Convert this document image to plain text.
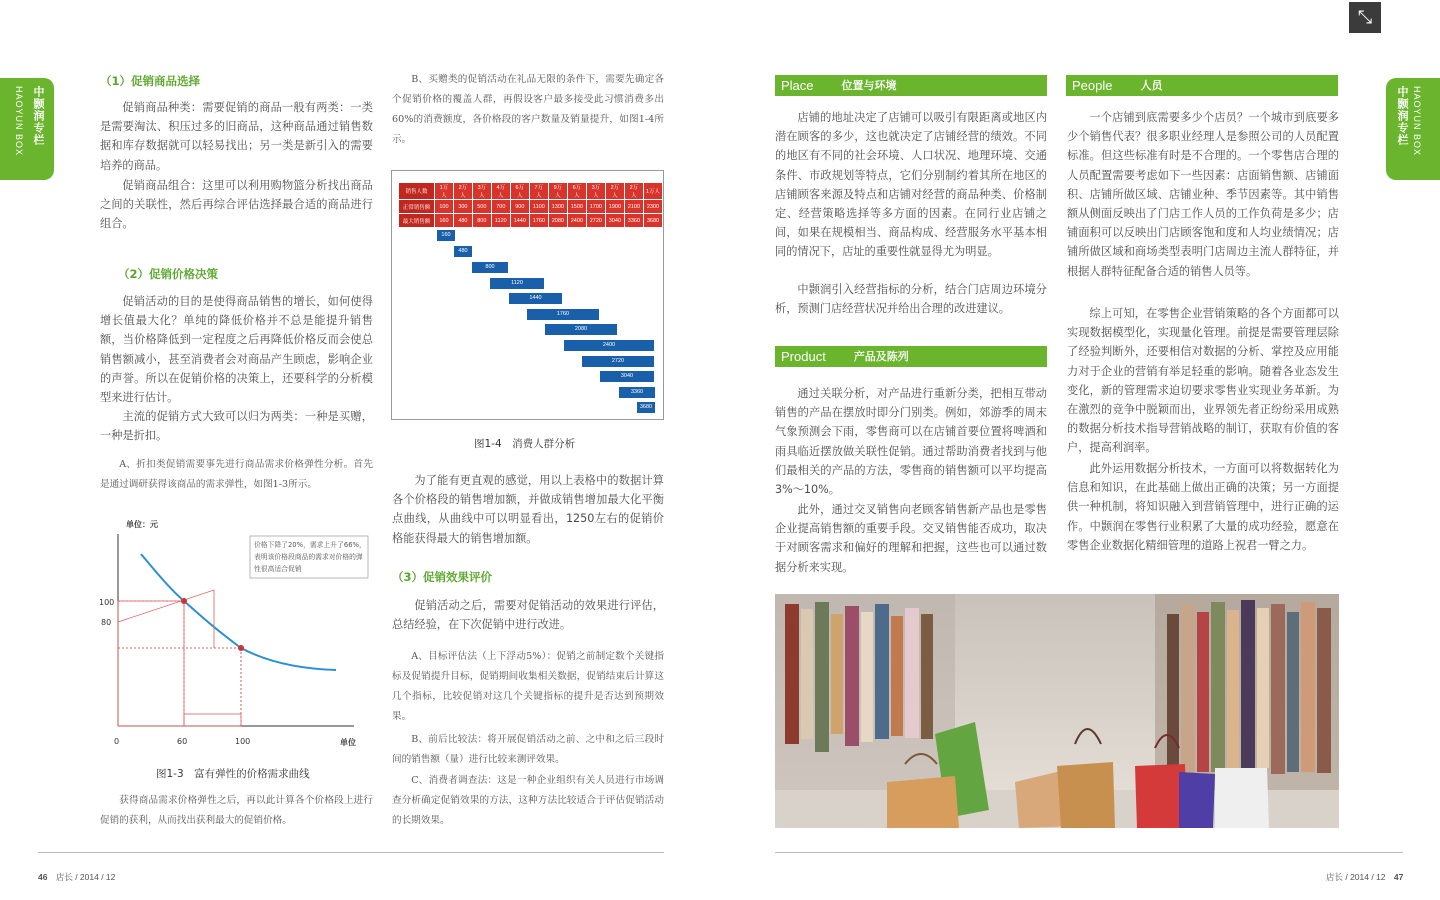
⤡
中颢润专栏
HAOYUN BOX	中颢润专栏 HAOYUN BOX
（1）促销商品选择

促销商品种类：需要促销的商品一般有两类：一类是需要淘汰、积压过多的旧商品，这种商品通过销售数据和库存数据就可以轻易找出；另一类是新引入的需要培养的商品。

促销商品组合：这里可以利用购物篮分析找出商品之间的关联性，然后再综合评估选择最合适的商品进行组合。

（2）促销价格决策

促销活动的目的是使得商品销售的增长，如何使得增长值最大化？单纯的降低价格并不总是能提升销售额，当价格降低到一定程度之后再降低价格反而会使总销售额减小，甚至消费者会对商品产生顾虑，影响企业的声誉。所以在促销价格的决策上，还要科学的分析模型来进行估计。

主流的促销方式大致可以归为两类：一种是买赠，一种是折扣。

A、折扣类促销需要事先进行商品需求价格弹性分析。首先是通过调研获得该商品的需求弹性，如图1-3所示。

单位：元
单位
价格下降了20%，需求上升了66%，表明该价格段商品的需求对价格的弹性很高适合促销
100
80
0	60	100
图1-3　富有弹性的价格需求曲线

获得商品需求价格弹性之后，再以此计算各个价格段上进行促销的获利，从而找出获利最大的促销价格。

B、买赠类的促销活动在礼品无限的条件下，需要先确定各个促销价格的覆盖人群，再假设客户最多接受此习惯消费多出60%的消费额度，各价格段的客户数量及销量提升，如图1-4所示。

销售人数	1万人	2万人	3万人	4万人	6万人	7万人	9万人	6万人	3万人	2万人	2万人	1万人
正常销售额	100	300	500	700	900	1100	1300	1500	1700	1900	2100	2300
最大销售额	160	480	800	1120	1440	1760	2080	2400	2720	3040	3360	3680
160
480
800
1120
1440
1760
2080
2400
2720
3040
3360
3680
图1-4　消费人群分析

为了能有更直观的感觉，用以上表格中的数据计算各个价格段的销售增加额，并做成销售增加最大化平衡点曲线，从曲线中可以明显看出，1250左右的促销价格能获得最大的销售增加额。

（3）促销效果评价

促销活动之后，需要对促销活动的效果进行评估，总结经验，在下次促销中进行改进。

A、目标评估法（上下浮动5%）：促销之前制定数个关键指标及促销提升目标，促销期间收集相关数据，促销结束后计算这几个指标，比较促销对这几个关键指标的提升是否达到预期效果。

B、前后比较法：将开展促销活动之前、之中和之后三段时间的销售额（量）进行比较来测评效果。

C、消费者调查法：这是一种企业组织有关人员进行市场调查分析确定促销效果的方法，这种方法比较适合于评估促销活动的长期效果。

Place	位置与环境

店铺的地址决定了店铺可以吸引有限距离或地区内潜在顾客的多少，这也就决定了店铺经营的绩效。不同的地区有不同的社会环境、人口状况、地理环境、交通条件、市政规划等特点，它们分别制约着其所在地区的店铺顾客来源及特点和店铺对经营的商品种类、价格制定、经营策略选择等多方面的因素。在同行业店铺之间，如果在规模相当、商品构成、经营服务水平基本相同的情况下，店址的重要性就显得尤为明显。

中颢润引入经营指标的分析，结合门店周边环境分析，预测门店经营状况并给出合理的改进建议。

Product	产品及陈列

通过关联分析，对产品进行重新分类，把相互带动销售的产品在摆放时即分门别类。例如，郊游季的周末气象预测会下雨，零售商可以在店铺首要位置将啤酒和雨具临近摆放做关联性促销。通过帮助消费者找到与他们最相关的产品的方法，零售商的销售额可以平均提高3%～10%。

此外，通过交叉销售向老顾客销售新产品也是零售企业提高销售额的重要手段。交叉销售能否成功，取决于对顾客需求和偏好的理解和把握，这些也可以通过数据分析来实现。

People	人员

一个店铺到底需要多少个店员？一个城市到底要多少个销售代表？很多职业经理人是参照公司的人员配置标准。但这些标准有时是不合理的。一个零售店合理的人员配置需要考虑如下一些因素：店面销售额、店铺面积、店铺所做区域、店铺业种、季节因素等。其中销售额从侧面反映出了门店工作人员的工作负荷是多少；店铺面积可以反映出门店顾客饱和度和人均业绩情况；店铺所做区域和商场类型表明门店周边主流人群特征，并根据人群特征配备合适的销售人员等。

综上可知，在零售企业营销策略的各个方面都可以实现数据模型化，实现量化管理。前提是需要管理层除了经验判断外，还要相信对数据的分析、掌控及应用能力对于企业的营销有举足轻重的影响。随着各业态发生变化，新的管理需求迫切要求零售业实现业务革新。为在激烈的竞争中脱颖而出，业界领先者正纷纷采用成熟的数据分析技术指导营销战略的制订，获取有价值的客户，提高利润率。

此外运用数据分析技术，一方面可以将数据转化为信息和知识，在此基础上做出正确的决策；另一方面提供一种机制，将知识融入到营销管理中，进行正确的运作。中颢润在零售行业积累了大量的成功经验，愿意在零售企业数据化精细管理的道路上祝君一臂之力。

46 店长 / 2014 / 12	店长 / 2014 / 12 47
